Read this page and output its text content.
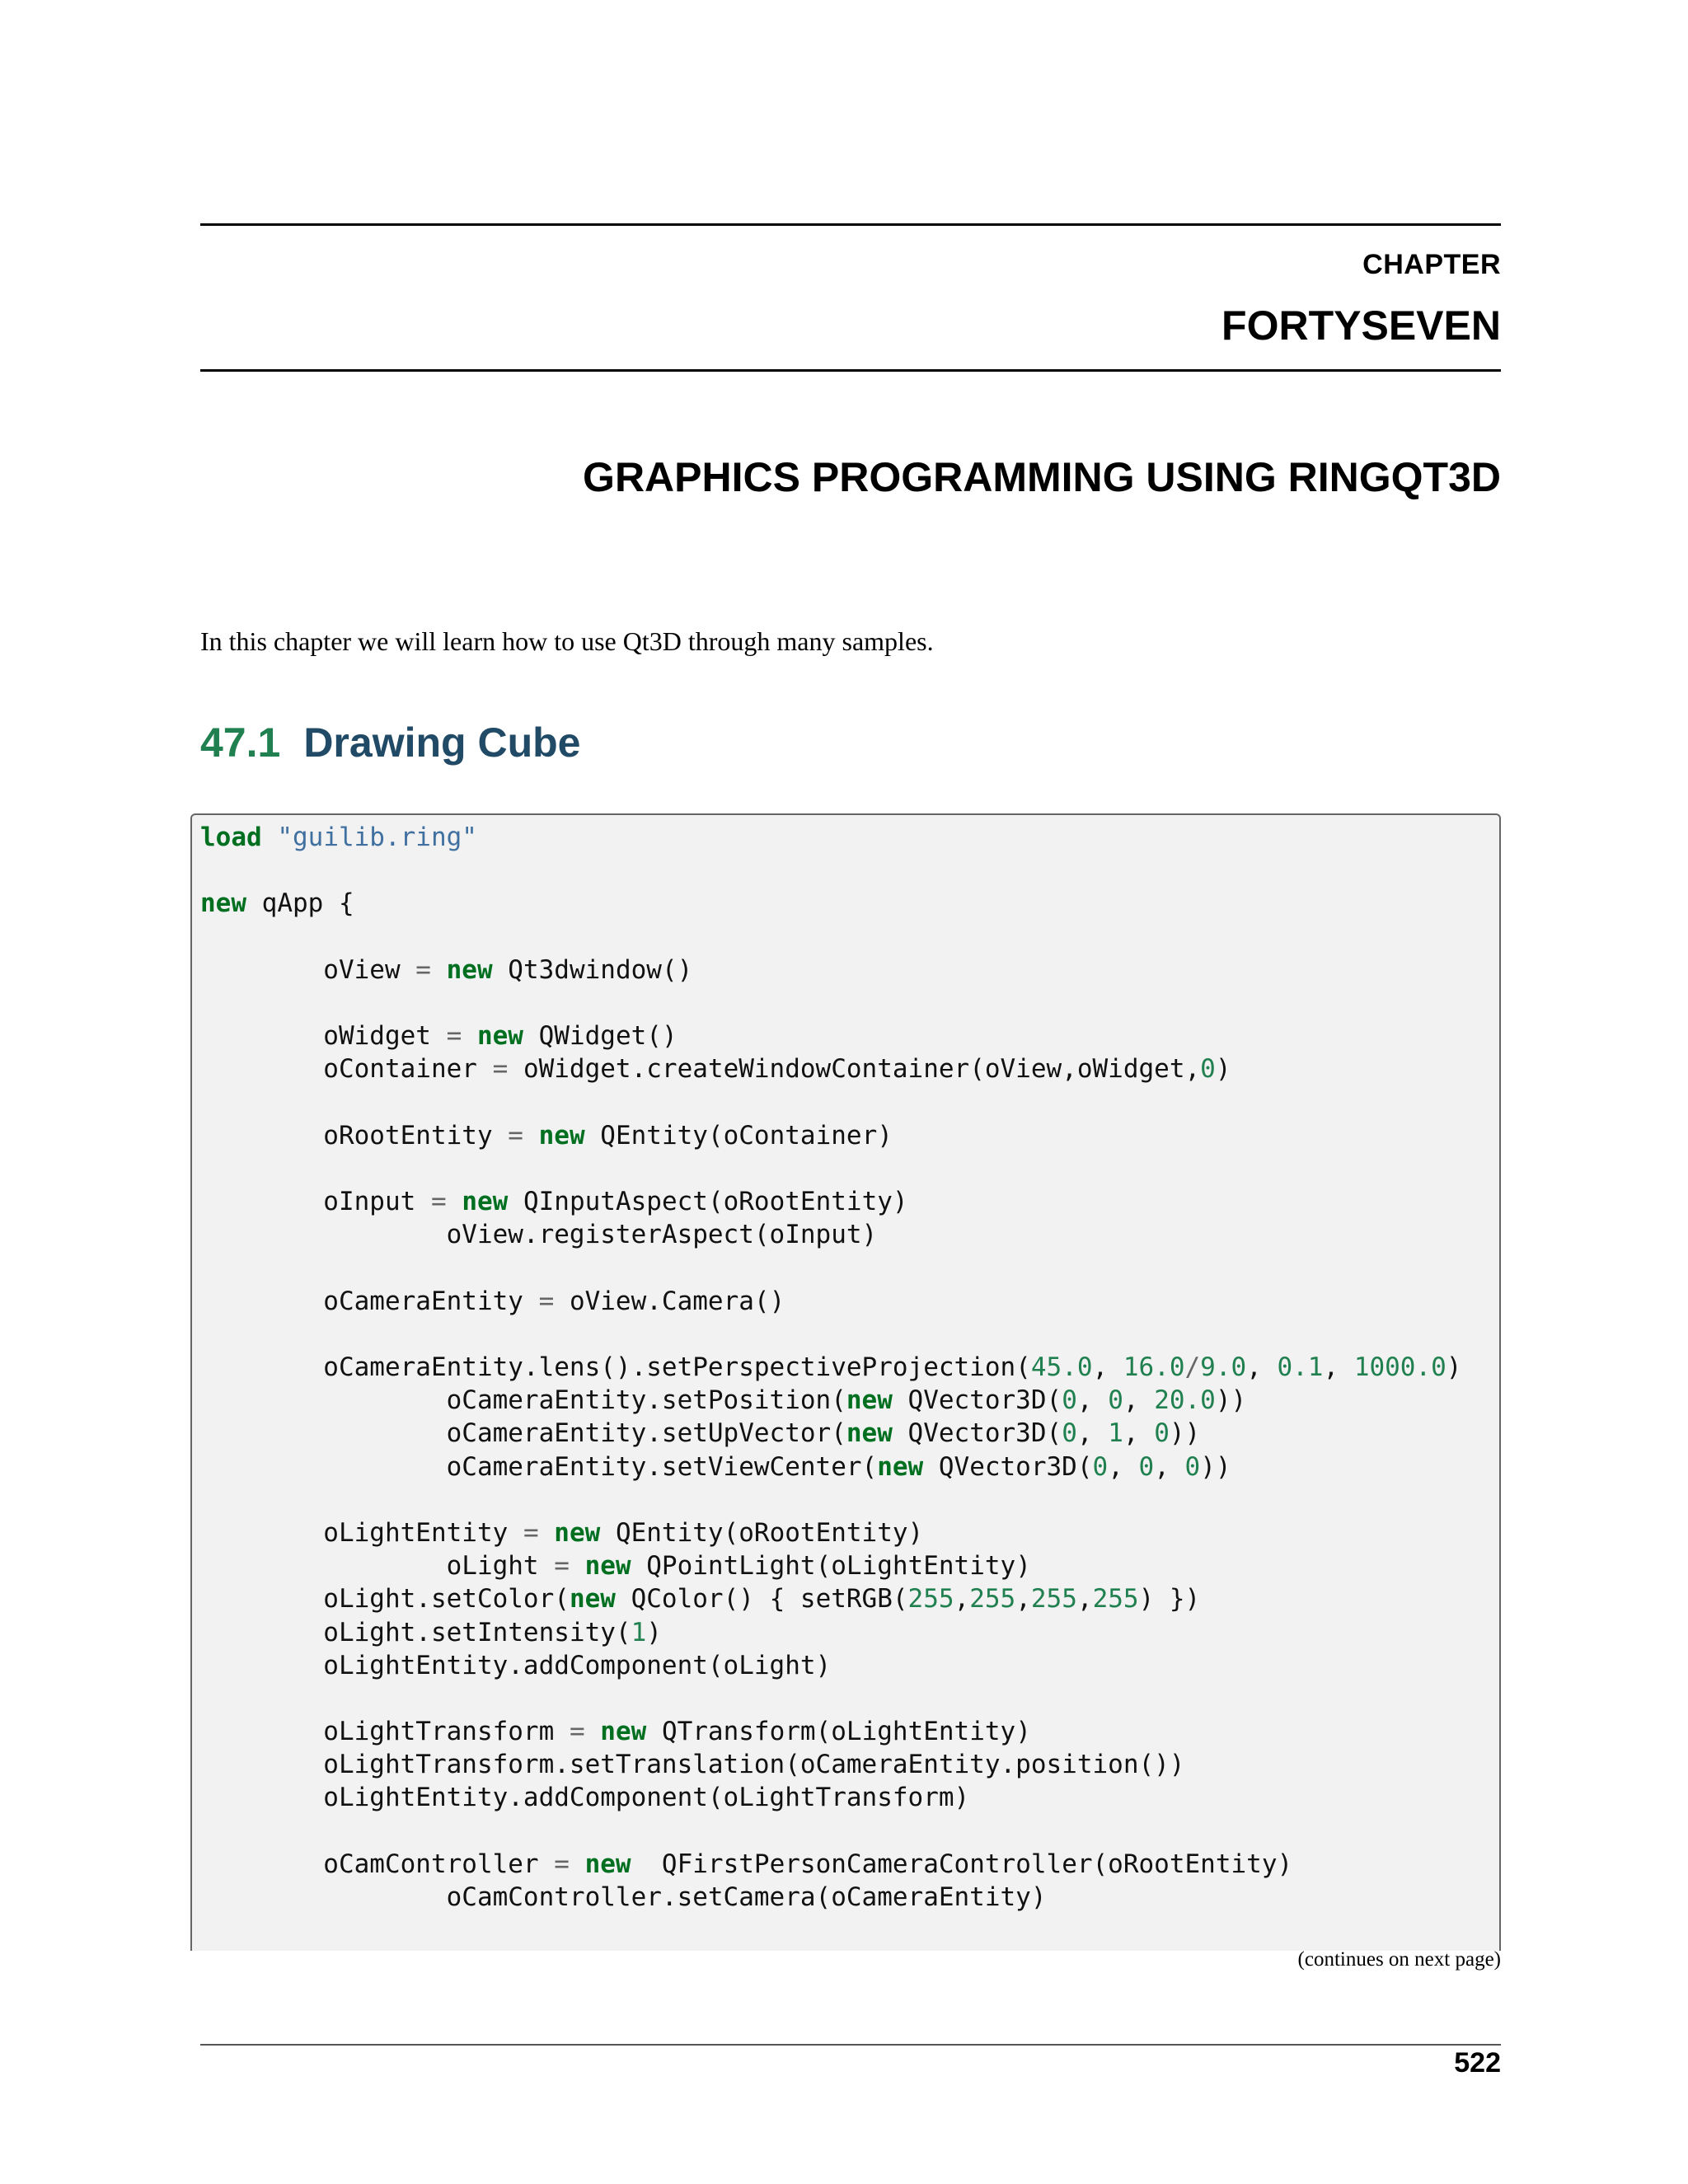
CHAPTER
FORTYSEVEN
GRAPHICS PROGRAMMING USING RINGQT3D
In this chapter we will learn how to use Qt3D through many samples.
47.1 Drawing Cube
load "guilib.ring"
new qApp {
oView = new Qt3dwindow()
oWidget = new QWidget()
oContainer = oWidget.createWindowContainer(oView,oWidget,0)
oRootEntity = new QEntity(oContainer)
oInput = new QInputAspect(oRootEntity)
oView.registerAspect(oInput)
oCameraEntity = oView.Camera()
oCameraEntity.lens().setPerspectiveProjection(45.0, 16.0/9.0, 0.1, 1000.0)
oCameraEntity.setPosition(new QVector3D(0, 0, 20.0))
oCameraEntity.setUpVector(new QVector3D(0, 1, 0))
oCameraEntity.setViewCenter(new QVector3D(0, 0, 0))
oLightEntity = new QEntity(oRootEntity)
oLight = new QPointLight(oLightEntity)
oLight.setColor(new QColor() { setRGB(255,255,255,255) })
oLight.setIntensity(1)
oLightEntity.addComponent(oLight)
oLightTransform = new QTransform(oLightEntity)
oLightTransform.setTranslation(oCameraEntity.position())
oLightEntity.addComponent(oLightTransform)
oCamController = new  QFirstPersonCameraController(oRootEntity)
oCamController.setCamera(oCameraEntity)
(continues on next page)
522
